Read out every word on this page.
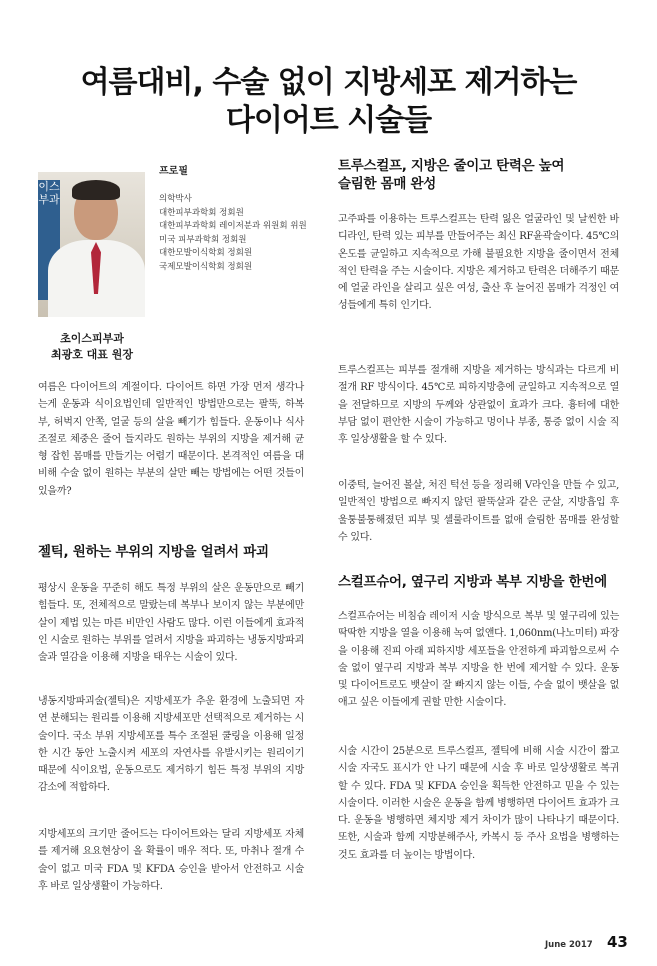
여름대비, 수술 없이 지방세포 제거하는
다이어트 시술들
이스 부과
초이스피부과
최광호 대표 원장
프로필
의학박사
대한피부과학회 정회원
대한피부과학회 레이저분과 위원회 위원
미국 피부과학회 정회원
대한모발이식학회 정회원
국제모발이식학회 정회원

여름은 다이어트의 계절이다. 다이어트 하면 가장 먼저 생각나는게 운동과 식이요법인데 일반적인 방법만으로는 팔뚝, 하복부, 허벅지 안쪽, 얼굴 등의 살을 빼기가 힘들다. 운동이나 식사조절로 체중은 줄어 들지라도 원하는 부위의 지방을 제거해 균형 잡힌 몸매를 만들기는 어렵기 때문이다. 본격적인 여름을 대비해 수술 없이 원하는 부분의 살만 빼는 방법에는 어떤 것들이 있을까?

젤틱, 원하는 부위의 지방을 얼려서 파괴

평상시 운동을 꾸준히 해도 특정 부위의 살은 운동만으로 빼기 힘들다. 또, 전체적으로 말랐는데 복부나 보이지 않는 부분에만 살이 제법 있는 마른 비만인 사람도 많다. 이런 이들에게 효과적인 시술로 원하는 부위를 얼려서 지방을 파괴하는 냉동지방파괴술과 열감을 이용해 지방을 태우는 시술이 있다.

냉동지방파괴술(젤틱)은 지방세포가 추운 환경에 노출되면 자연 분해되는 원리를 이용해 지방세포만 선택적으로 제거하는 시술이다. 국소 부위 지방세포를 특수 조절된 쿨링을 이용해 일정한 시간 동안 노출시켜 세포의 자연사를 유발시키는 원리이기 때문에 식이요법, 운동으로도 제거하기 힘든 특정 부위의 지방 감소에 적합하다.

지방세포의 크기만 줄어드는 다이어트와는 달리 지방세포 자체를 제거해 요요현상이 올 확률이 매우 적다. 또, 마취나 절개 수술이 없고 미국 FDA 및 KFDA 승인을 받아서 안전하고 시술 후 바로 일상생활이 가능하다.

트루스컬프, 지방은 줄이고 탄력은 높여
슬림한 몸매 완성

고주파를 이용하는 트루스컬프는 탄력 잃은 얼굴라인 및 날씬한 바디라인, 탄력 있는 피부를 만들어주는 최신 RF윤곽술이다. 45℃의 온도를 균일하고 지속적으로 가해 불필요한 지방을 줄이면서 전체적인 탄력을 주는 시술이다. 지방은 제거하고 탄력은 더해주기 때문에 얼굴 라인을 살리고 싶은 여성, 출산 후 늘어진 몸매가 걱정인 여성들에게 특히 인기다.

트루스컬프는 피부를 절개해 지방을 제거하는 방식과는 다르게 비절개 RF 방식이다. 45℃로 피하지방층에 균일하고 지속적으로 열을 전달하므로 지방의 두께와 상관없이 효과가 크다. 흉터에 대한 부담 없이 편안한 시술이 가능하고 멍이나 부종, 통증 없이 시술 직후 일상생활을 할 수 있다.

이중턱, 늘어진 볼살, 처진 턱선 등을 정리해 V라인을 만들 수 있고, 일반적인 방법으로 빠지지 않던 팔뚝살과 같은 군살, 지방흡입 후 울퉁불퉁해졌던 피부 및 셀룰라이트를 없애 슬림한 몸매를 완성할 수 있다.

스컬프슈어, 옆구리 지방과 복부 지방을 한번에

스컬프슈어는 비침습 레이저 시술 방식으로 복부 및 옆구리에 있는 딱딱한 지방을 열을 이용해 녹여 없앤다. 1,060nm(나노미터) 파장을 이용해 진피 아래 피하지방 세포들을 안전하게 파괴함으로써 수술 없이 옆구리 지방과 복부 지방을 한 번에 제거할 수 있다. 운동 및 다이어트로도 뱃살이 잘 빠지지 않는 이들, 수술 없이 뱃살을 없애고 싶은 이들에게 권할 만한 시술이다.

시술 시간이 25분으로 트루스컬프, 젤틱에 비해 시술 시간이 짧고 시술 자국도 표시가 안 나기 때문에 시술 후 바로 일상생활로 복귀할 수 있다. FDA 및 KFDA 승인을 획득한 안전하고 믿을 수 있는 시술이다. 이러한 시술은 운동을 함께 병행하면 다이어트 효과가 크다. 운동을 병행하면 체지방 제거 차이가 많이 나타나기 때문이다. 또한, 시술과 함께 지방분해주사, 카복시 등 주사 요법을 병행하는 것도 효과를 더 높이는 방법이다.

June 2017 43
